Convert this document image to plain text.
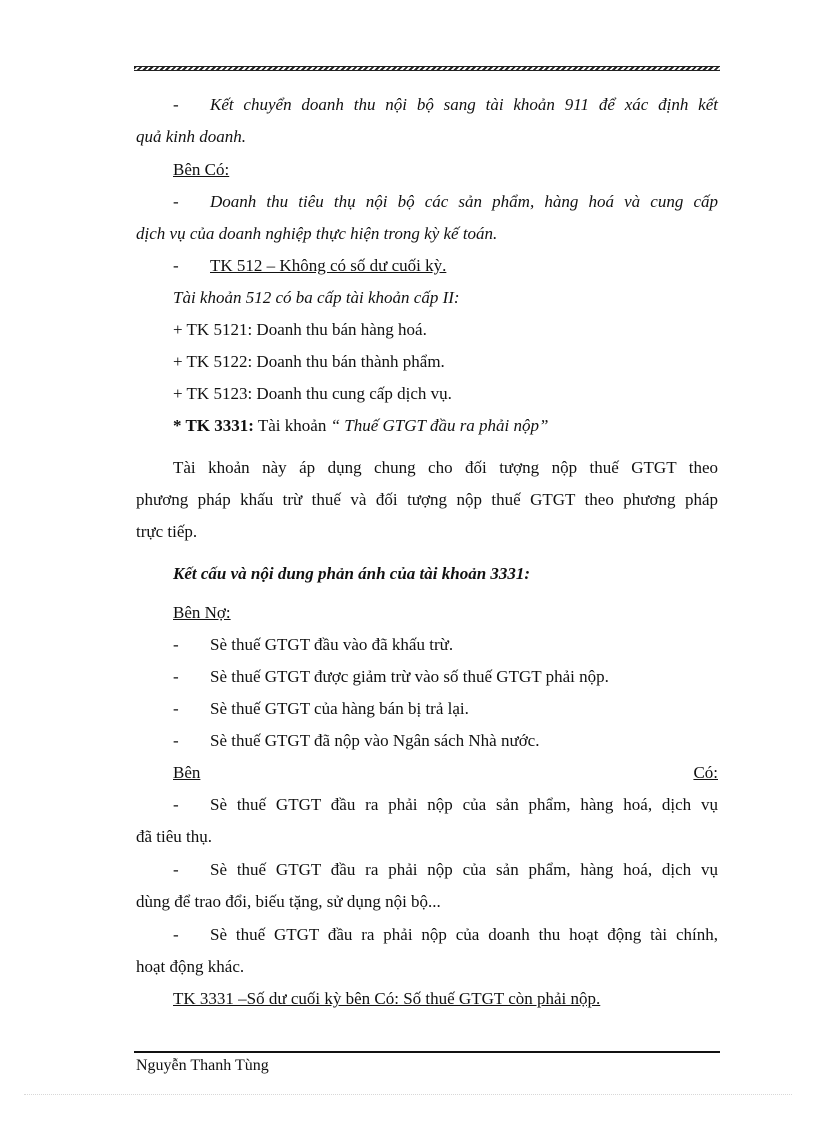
- Kết chuyển doanh thu nội bộ sang tài khoản 911 để xác định kết
quả kinh doanh.
Bên Có:
- Doanh thu tiêu thụ nội bộ các sản phẩm, hàng hoá và cung cấp
dịch vụ của doanh nghiệp thực hiện trong kỳ kế toán.
- TK 512 – Không có số dư cuối kỳ.
Tài khoản 512 có ba cấp tài khoản cấp II:
+ TK 5121: Doanh thu bán hàng hoá.
+ TK 5122: Doanh thu bán thành phẩm.
+ TK 5123: Doanh thu cung cấp dịch vụ.
* TK 3331: Tài khoản “ Thuế GTGT đầu ra phải nộp”
Tài khoản này áp dụng chung cho đối tượng nộp thuế GTGT theo
phương pháp khấu trừ thuế và đối tượng nộp thuế GTGT theo phương pháp
trực tiếp.
Kết cấu và nội dung phản ánh của tài khoản 3331:
Bên Nợ:
- Sè thuế GTGT đầu vào đã khấu trừ.
- Sè thuế GTGT được giảm trừ vào số thuế GTGT phải nộp.
- Sè thuế GTGT của hàng bán bị trả lại.
- Sè thuế GTGT đã nộp vào Ngân sách Nhà nước.
Bên	Có:
- Sè thuế GTGT đầu ra phải nộp của sản phẩm, hàng hoá, dịch vụ
đã tiêu thụ.
- Sè thuế GTGT đầu ra phải nộp của sản phẩm, hàng hoá, dịch vụ
dùng để trao đổi, biếu tặng, sử dụng nội bộ...
- Sè thuế GTGT đầu ra phải nộp của doanh thu hoạt động tài chính,
hoạt động khác.
TK 3331 –Số dư cuối kỳ bên Có: Số thuế GTGT còn phải nộp.
Nguyễn Thanh Tùng
